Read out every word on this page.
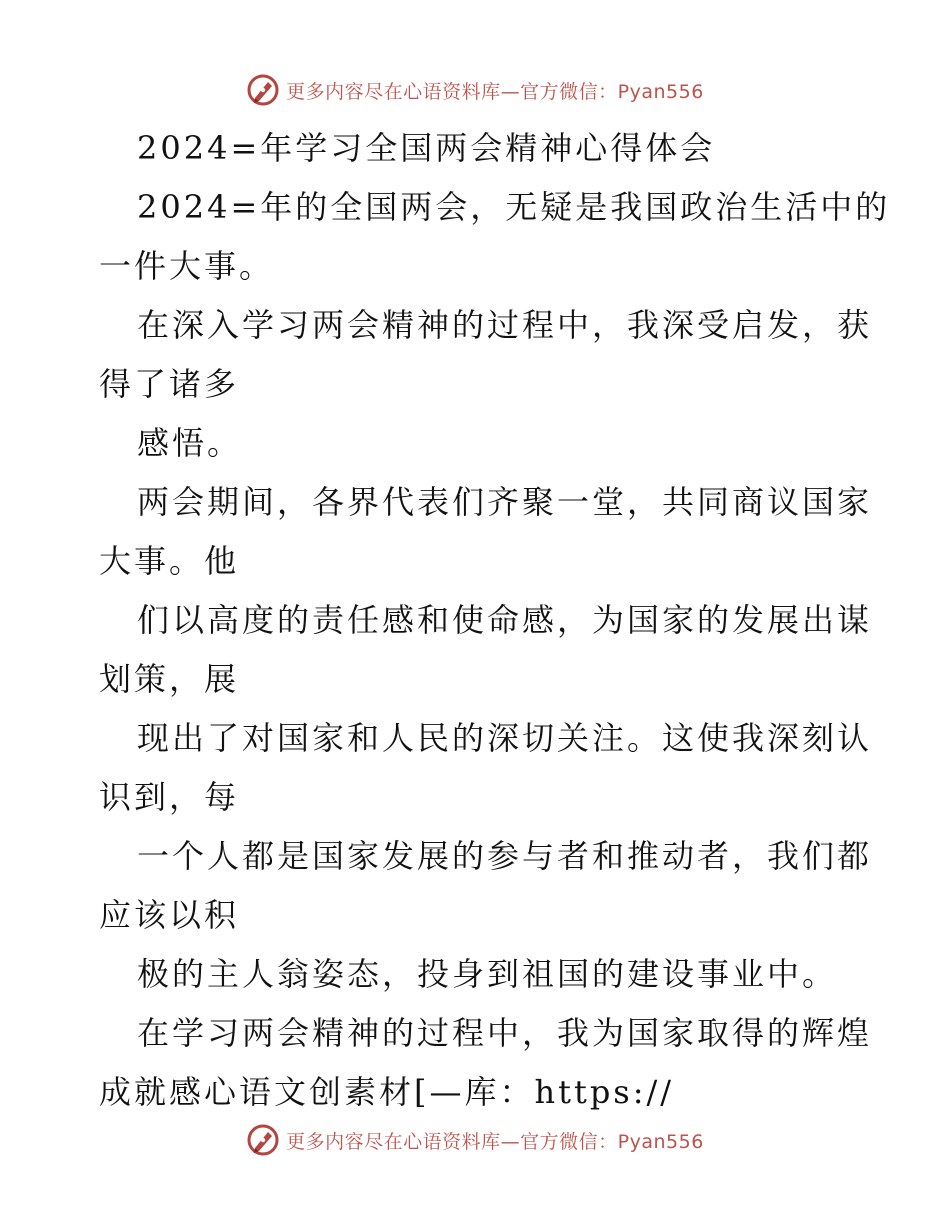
更多内容尽在心语资料库—官方微信：Pyan556
2024=年学习全国两会精神心得体会
2024=年的全国两会，无疑是我国政治生活中的
一件大事。
在深入学习两会精神的过程中，我深受启发，获
得了诸多
感悟。
两会期间，各界代表们齐聚一堂，共同商议国家
大事。他
们以高度的责任感和使命感，为国家的发展出谋
划策，展
现出了对国家和人民的深切关注。这使我深刻认
识到，每
一个人都是国家发展的参与者和推动者，我们都
应该以积
极的主人翁姿态，投身到祖国的建设事业中。
在学习两会精神的过程中，我为国家取得的辉煌
成就感心语文创素材[—库：https://
更多内容尽在心语资料库—官方微信：Pyan556
